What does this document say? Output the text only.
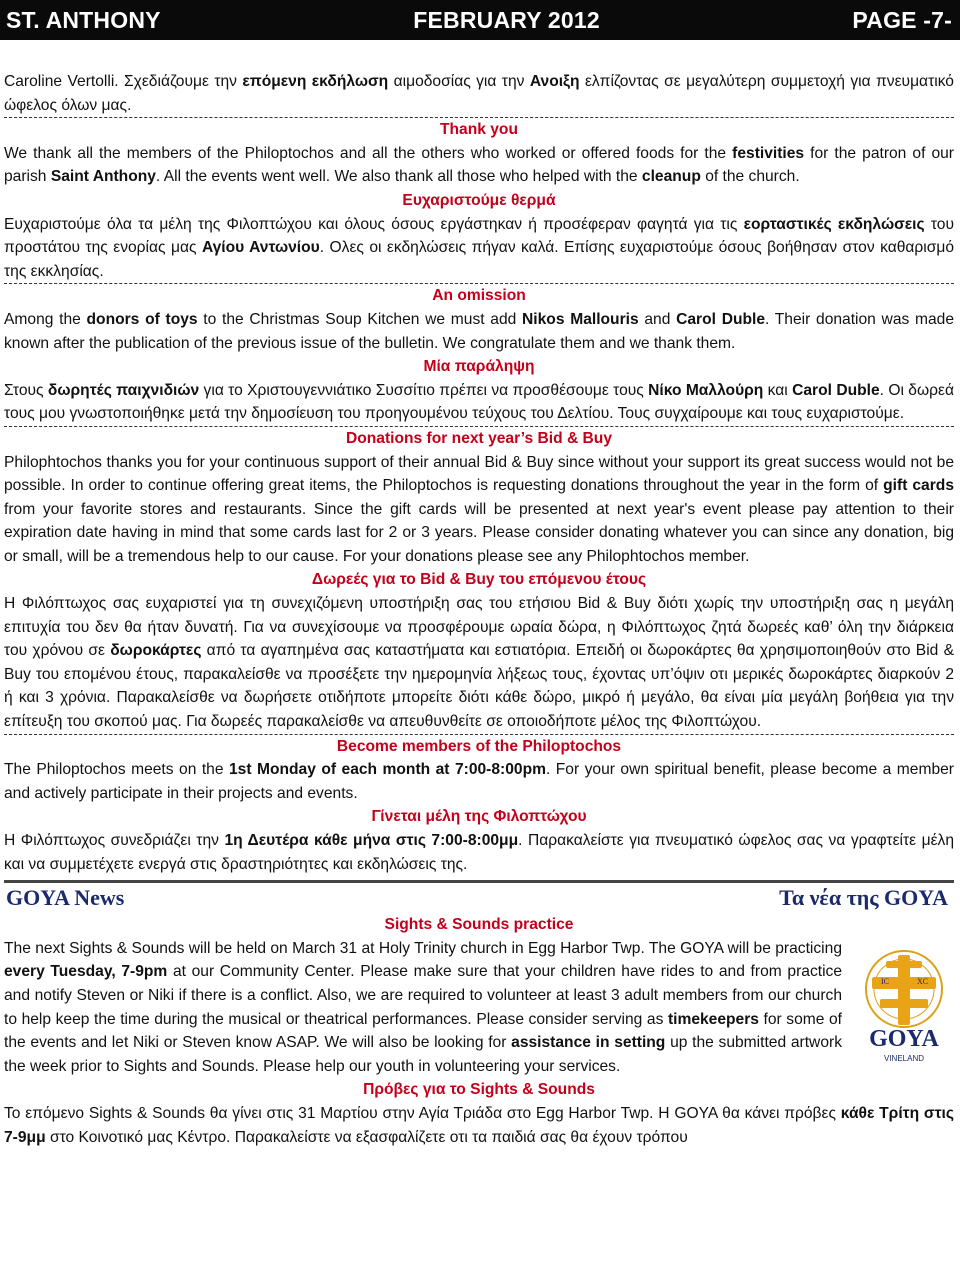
ST. ANTHONY	FEBRUARY 2012	PAGE -7-

Caroline Vertolli. Σχεδιάζουμε την επόμενη εκδήλωση αιμοδοσίας για την Ανοιξη ελπίζοντας σε μεγαλύτερη συμμετοχή για πνευματικό ώφελος όλων μας.

Thank you

We thank all the members of the Philoptochos and all the others who worked or offered foods for the festivities for the patron of our parish Saint Anthony. All the events went well. We also thank all those who helped with the cleanup of the church.

Ευχαριστούμε θερμά

Ευχαριστούμε όλα τα μέλη της Φιλοπτώχου και όλους όσους εργάστηκαν ή προσέφεραν φαγητά για τις εορταστικές εκδηλώσεις του προστάτου της ενορίας μας Αγίου Αντωνίου. Ολες οι εκδηλώσεις πήγαν καλά. Επίσης ευχαριστούμε όσους βοήθησαν στον καθαρισμό της εκκλησίας.

An omission

Among the donors of toys to the Christmas Soup Kitchen we must add Nikos Mallouris and Carol Duble. Their donation was made known after the publication of the previous issue of the bulletin. We congratulate them and we thank them.

Μία παράληψη

Στους δωρητές παιχνιδιών για το Χριστουγεννιάτικο Συσσίτιο πρέπει να προσθέσουμε τους Νίκο Μαλλούρη και Carol Duble. Οι δωρεά τους μου γνωστοποιήθηκε μετά την δημοσίευση του προηγουμένου τεύχους του Δελτίου. Τους συγχαίρουμε και τους ευχαριστούμε.

Donations for next year’s Bid & Buy

Philophtochos thanks you for your continuous support of their annual Bid & Buy since without your support its great success would not be possible. In order to continue offering great items, the Philoptochos is requesting donations throughout the year in the form of gift cards from your favorite stores and restaurants. Since the gift cards will be presented at next year's event please pay attention to their expiration date having in mind that some cards last for 2 or 3 years. Please consider donating whatever you can since any donation, big or small, will be a tremendous help to our cause. For your donations please see any Philophtochos member.

Δωρεές για το Bid & Buy του επόμενου έτους

Η Φιλόπτωχος σας ευχαριστεί για τη συνεχιζόμενη υποστήριξη σας του ετήσιου Bid & Buy διότι χωρίς την υποστήριξη σας η μεγάλη επιτυχία του δεν θα ήταν δυνατή. Για να συνεχίσουμε να προσφέρουμε ωραία δώρα, η Φιλόπτωχος ζητά δωρεές καθ’ όλη την διάρκεια του χρόνου σε δωροκάρτες από τα αγαπημένα σας καταστήματα και εστιατόρια. Επειδή οι δωροκάρτες θα χρησιμοποιηθούν στο Bid & Buy του επομένου έτους, παρακαλείσθε να προσέξετε την ημερομηνία λήξεως τους, έχοντας υπ’όψιν οτι μερικές δωροκάρτες διαρκούν 2 ή και 3 χρόνια. Παρακαλείσθε να δωρήσετε οτιδήποτε μπορείτε διότι κάθε δώρο, μικρό ή μεγάλο, θα είναι μία μεγάλη βοήθεια για την επίτευξη του σκοπού μας. Για δωρεές παρακαλείσθε να απευθυνθείτε σε οποιοδήποτε μέλος της Φιλοπτώχου.

Become members of the Philoptochos

The Philoptochos meets on the 1st Monday of each month at 7:00-8:00pm. For your own spiritual benefit, please become a member and actively participate in their projects and events.

Γίνεται μέλη της Φιλοπτώχου

Η Φιλόπτωχος συνεδριάζει την 1η Δευτέρα κάθε μήνα στις 7:00-8:00μμ. Παρακαλείστε για πνευματικό ώφελος σας να γραφτείτε μέλη και να συμμετέχετε ενεργά στις δραστηριότητες και εκδηλώσεις της.

GOYA News	Τα νέα της GOYA
Sights & Sounds practice

The next Sights & Sounds will be held on March 31 at Holy Trinity church in Egg Harbor Twp. The GOYA will be practicing every Tuesday, 7-9pm at our Community Center. Please make sure that your children have rides to and from practice and notify Steven or Niki if there is a conflict. Also, we are required to volunteer at least 3 adult members from our church to help keep the time during the musical or theatrical performances. Please consider serving as timekeepers for some of the events and let Niki or Steven know ASAP. We will also be looking for assistance in setting up the submitted artwork the week prior to Sights and Sounds. Please help our youth in volunteering your services.

IC	XC
GOYA
VINELAND
Πρόβες για το Sights & Sounds

Το επόμενο Sights & Sounds θα γίνει στις 31 Μαρτίου στην Αγία Τριάδα στο Egg Harbor Twp. Η GOYA θα κάνει πρόβες κάθε Τρίτη στις 7-9μμ στο Κοινοτικό μας Κέντρο. Παρακαλείστε να εξασφαλίζετε οτι τα παιδιά σας θα έχουν τρόπου
